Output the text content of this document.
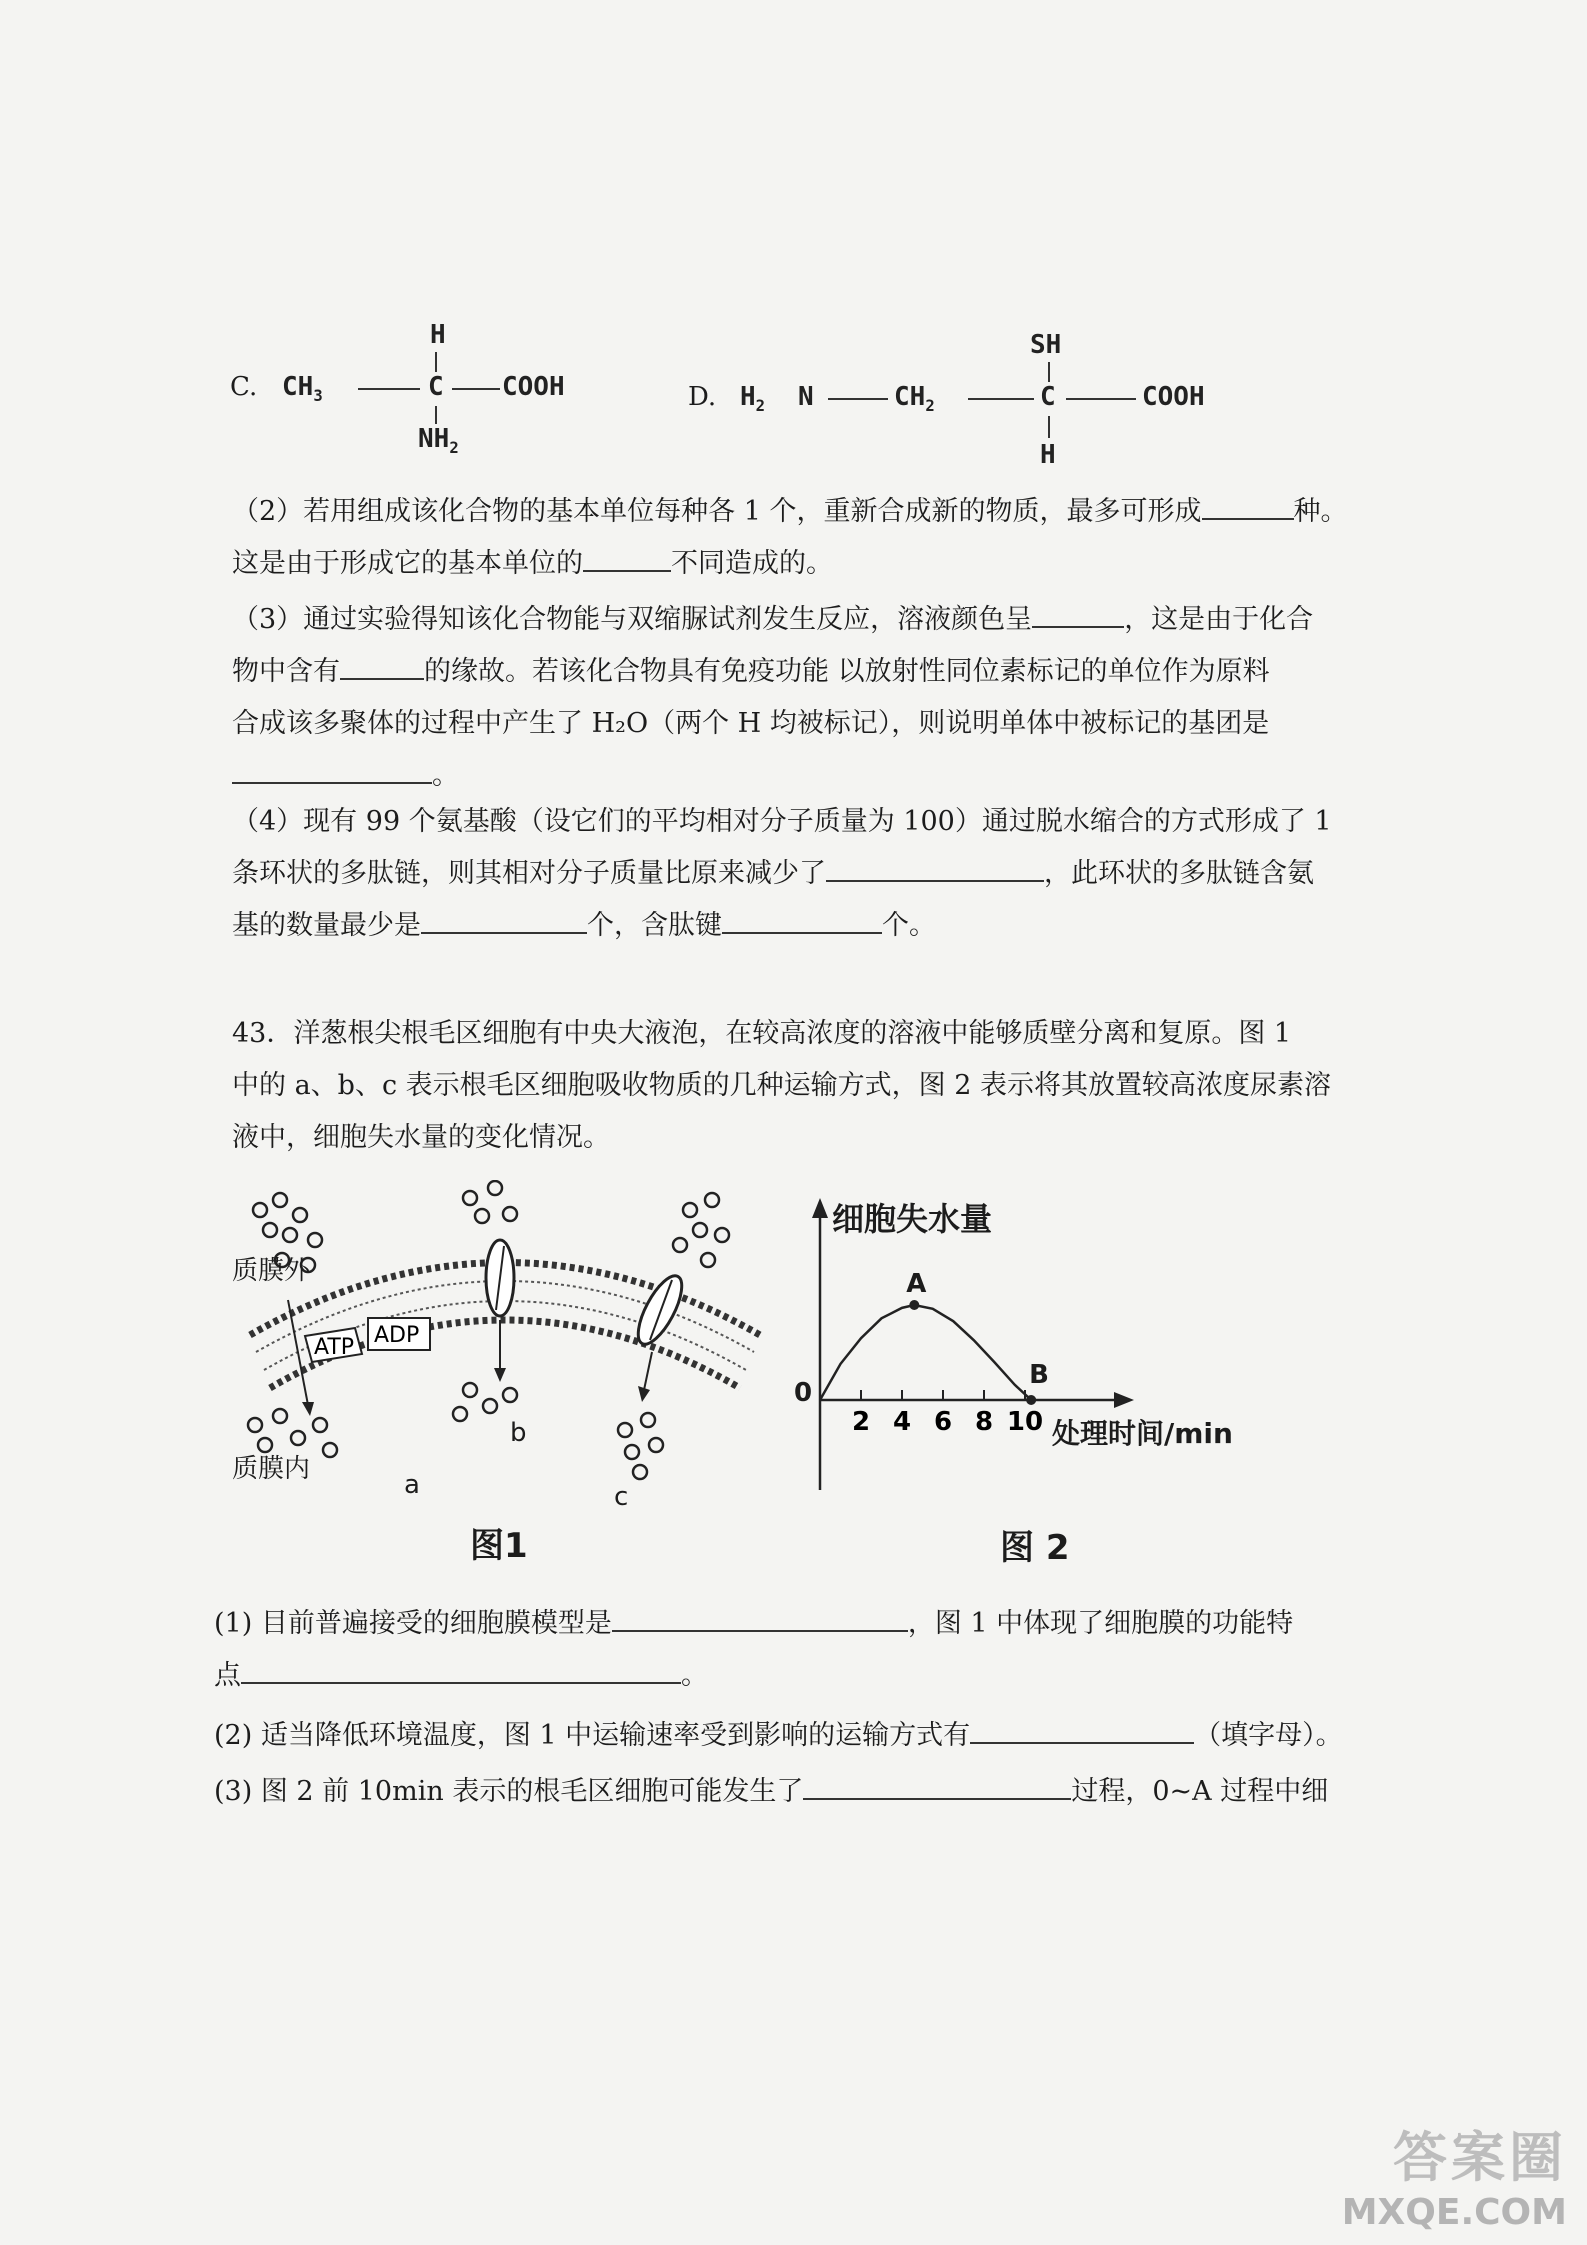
C.
H
$CH_3$	C COOH
$NH_2$
D. $H_2$ N	$CH_2$
SH
C	COOH
H
（2）若用组成该化合物的基本单位每种各 1 个，重新合成新的物质，最多可形成	种。
这是由于形成它的基本单位的	不同造成的。
（3）通过实验得知该化合物能与双缩脲试剂发生反应，溶液颜色呈	，这是由于化合
物中含有	的缘故。若该化合物具有免疫功能 以放射性同位素标记的单位作为原料
合成该多聚体的过程中产生了 H₂O（两个 H 均被标记），则说明单体中被标记的基团是
。
（4）现有 99 个氨基酸（设它们的平均相对分子质量为 100）通过脱水缩合的方式形成了 1
条环状的多肽链，则其相对分子质量比原来减少了	，此环状的多肽链含氨
基的数量最少是	个，含肽键	个。
43．洋葱根尖根毛区细胞有中央大液泡，在较高浓度的溶液中能够质壁分离和复原。图 1
中的 a、b、c 表示根毛区细胞吸收物质的几种运输方式，图 2 表示将其放置较高浓度尿素溶
液中，细胞失水量的变化情况。
ATP ADP
质膜外
质膜内
a
b
c
图1
2 4 6 8 10
细胞失水量
处理时间/min
0
A
B
图 2
(1) 目前普遍接受的细胞膜模型是	，图 1 中体现了细胞膜的功能特
点	。
(2) 适当降低环境温度，图 1 中运输速率受到影响的运输方式有	（填字母）。
(3) 图 2 前 10min 表示的根毛区细胞可能发生了	过程，0~A 过程中细
答案圈
MXQE.COM
